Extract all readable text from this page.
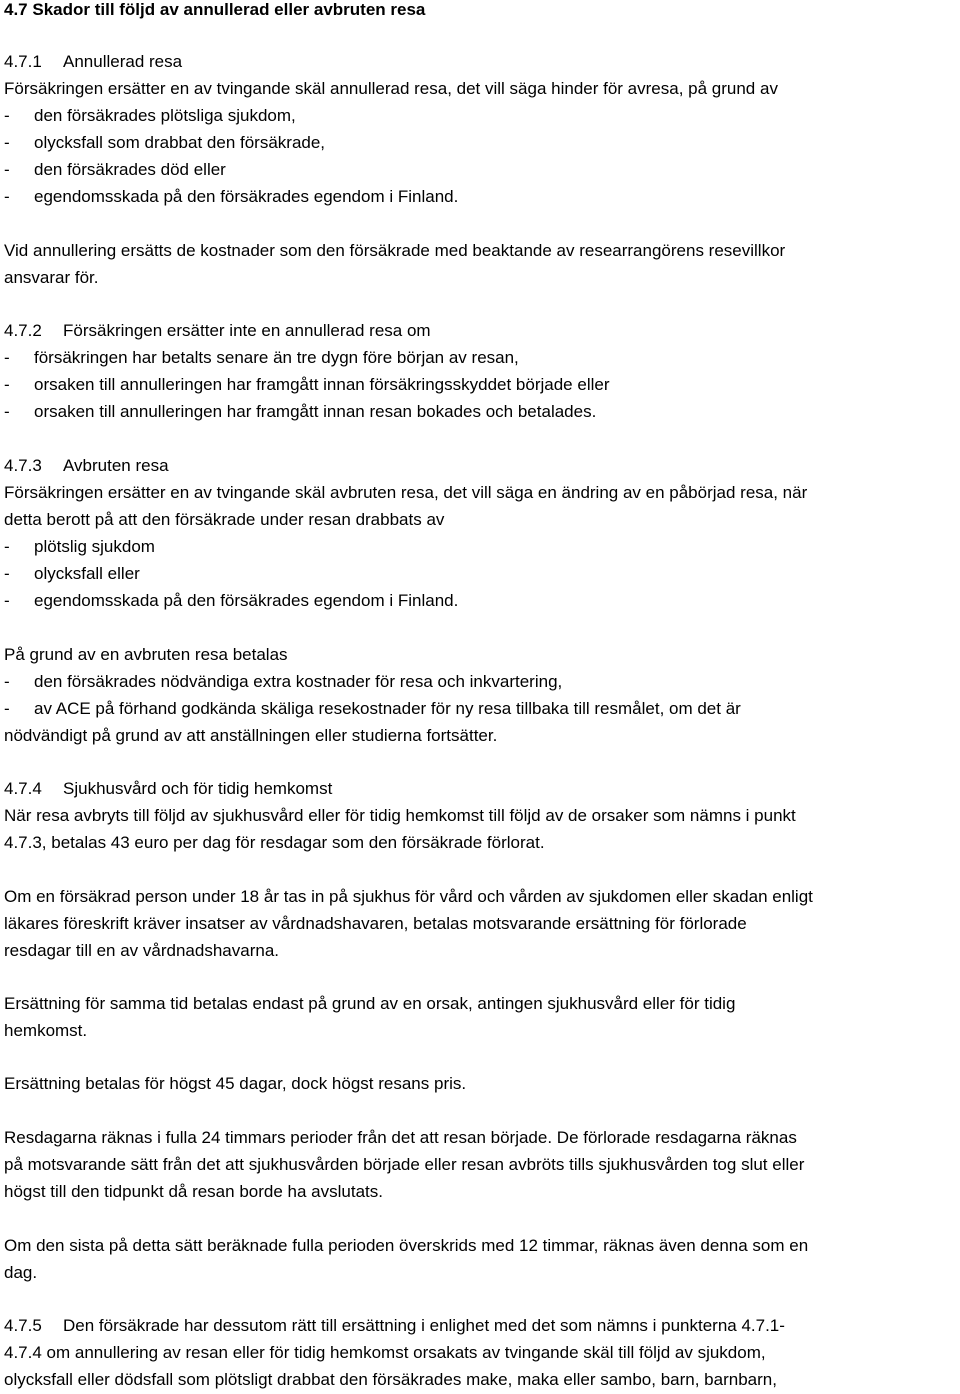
4.7 Skador till följd av annullerad eller avbruten resa
4.7.1 Annullerad resa
Försäkringen ersätter en av tvingande skäl annullerad resa, det vill säga hinder för avresa, på grund av
- den försäkrades plötsliga sjukdom,
- olycksfall som drabbat den försäkrade,
- den försäkrades död eller
- egendomsskada på den försäkrades egendom i Finland.
Vid annullering ersätts de kostnader som den försäkrade med beaktande av researrangörens resevillkor
ansvarar för.
4.7.2 Försäkringen ersätter inte en annullerad resa om
- försäkringen har betalts senare än tre dygn före början av resan,
- orsaken till annulleringen har framgått innan försäkringsskyddet började eller
- orsaken till annulleringen har framgått innan resan bokades och betalades.
4.7.3 Avbruten resa
Försäkringen ersätter en av tvingande skäl avbruten resa, det vill säga en ändring av en påbörjad resa, när
detta berott på att den försäkrade under resan drabbats av
- plötslig sjukdom
- olycksfall eller
- egendomsskada på den försäkrades egendom i Finland.
På grund av en avbruten resa betalas
- den försäkrades nödvändiga extra kostnader för resa och inkvartering,
- av ACE på förhand godkända skäliga resekostnader för ny resa tillbaka till resmålet, om det är
nödvändigt på grund av att anställningen eller studierna fortsätter.
4.7.4 Sjukhusvård och för tidig hemkomst
När resa avbryts till följd av sjukhusvård eller för tidig hemkomst till följd av de orsaker som nämns i punkt
4.7.3, betalas 43 euro per dag för resdagar som den försäkrade förlorat.
Om en försäkrad person under 18 år tas in på sjukhus för vård och vården av sjukdomen eller skadan enligt
läkares föreskrift kräver insatser av vårdnadshavaren, betalas motsvarande ersättning för förlorade
resdagar till en av vårdnadshavarna.
Ersättning för samma tid betalas endast på grund av en orsak, antingen sjukhusvård eller för tidig
hemkomst.
Ersättning betalas för högst 45 dagar, dock högst resans pris.
Resdagarna räknas i fulla 24 timmars perioder från det att resan började. De förlorade resdagarna räknas
på motsvarande sätt från det att sjukhusvården började eller resan avbröts tills sjukhusvården tog slut eller
högst till den tidpunkt då resan borde ha avslutats.
Om den sista på detta sätt beräknade fulla perioden överskrids med 12 timmar, räknas även denna som en
dag.
4.7.5 Den försäkrade har dessutom rätt till ersättning i enlighet med det som nämns i punkterna 4.7.1-
4.7.4 om annullering av resan eller för tidig hemkomst orsakats av tvingande skäl till följd av sjukdom,
olycksfall eller dödsfall som plötsligt drabbat den försäkrades make, maka eller sambo, barn, barnbarn,
